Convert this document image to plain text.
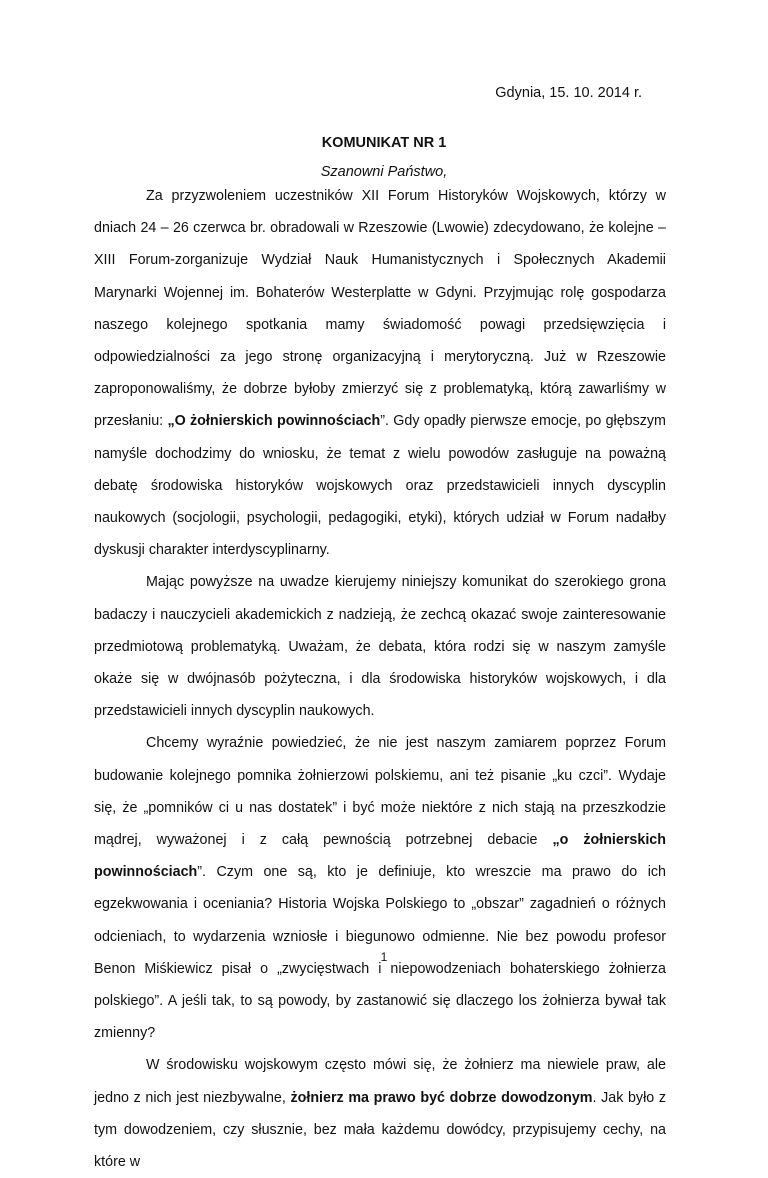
Gdynia, 15. 10. 2014 r.
KOMUNIKAT NR 1
Szanowni Państwo,

Za przyzwoleniem uczestników XII Forum Historyków Wojskowych, którzy w dniach 24 – 26 czerwca br. obradowali w Rzeszowie (Lwowie) zdecydowano, że kolejne – XIII Forum-zorganizuje Wydział Nauk Humanistycznych i Społecznych Akademii Marynarki Wojennej im. Bohaterów Westerplatte w Gdyni. Przyjmując rolę gospodarza naszego kolejnego spotkania mamy świadomość powagi przedsięwzięcia i odpowiedzialności za jego stronę organizacyjną i merytoryczną. Już w Rzeszowie zaproponowaliśmy, że dobrze byłoby zmierzyć się z problematyką, którą zawarliśmy w przesłaniu: „O żołnierskich powinnościach”. Gdy opadły pierwsze emocje, po głębszym namyśle dochodzimy do wniosku, że temat z wielu powodów zasługuje na poważną debatę środowiska historyków wojskowych oraz przedstawicieli innych dyscyplin naukowych (socjologii, psychologii, pedagogiki, etyki), których udział w Forum nadałby dyskusji charakter interdyscyplinarny.

Mając powyższe na uwadze kierujemy niniejszy komunikat do szerokiego grona badaczy i nauczycieli akademickich z nadzieją, że zechcą okazać swoje zainteresowanie przedmiotową problematyką. Uważam, że debata, która rodzi się w naszym zamyśle okaże się w dwójnasób pożyteczna, i dla środowiska historyków wojskowych, i dla przedstawicieli innych dyscyplin naukowych.

Chcemy wyraźnie powiedzieć, że nie jest naszym zamiarem poprzez Forum budowanie kolejnego pomnika żołnierzowi polskiemu, ani też pisanie „ku czci”. Wydaje się, że „pomników ci u nas dostatek” i być może niektóre z nich stają na przeszkodzie mądrej, wyważonej i z całą pewnością potrzebnej debacie „o żołnierskich powinnościach”. Czym one są, kto je definiuje, kto wreszcie ma prawo do ich egzekwowania i oceniania? Historia Wojska Polskiego to „obszar” zagadnień o różnych odcieniach, to wydarzenia wzniosłe i biegunowo odmienne. Nie bez powodu profesor Benon Miśkiewicz pisał o „zwycięstwach i niepowodzeniach bohaterskiego żołnierza polskiego”. A jeśli tak, to są powody, by zastanowić się dlaczego los żołnierza bywał tak zmienny?

W środowisku wojskowym często mówi się, że żołnierz ma niewiele praw, ale jedno z nich jest niezbywalne, żołnierz ma prawo być dobrze dowodzonym. Jak było z tym dowodzeniem, czy słusznie, bez mała każdemu dowódcy, przypisujemy cechy, na które w

1
